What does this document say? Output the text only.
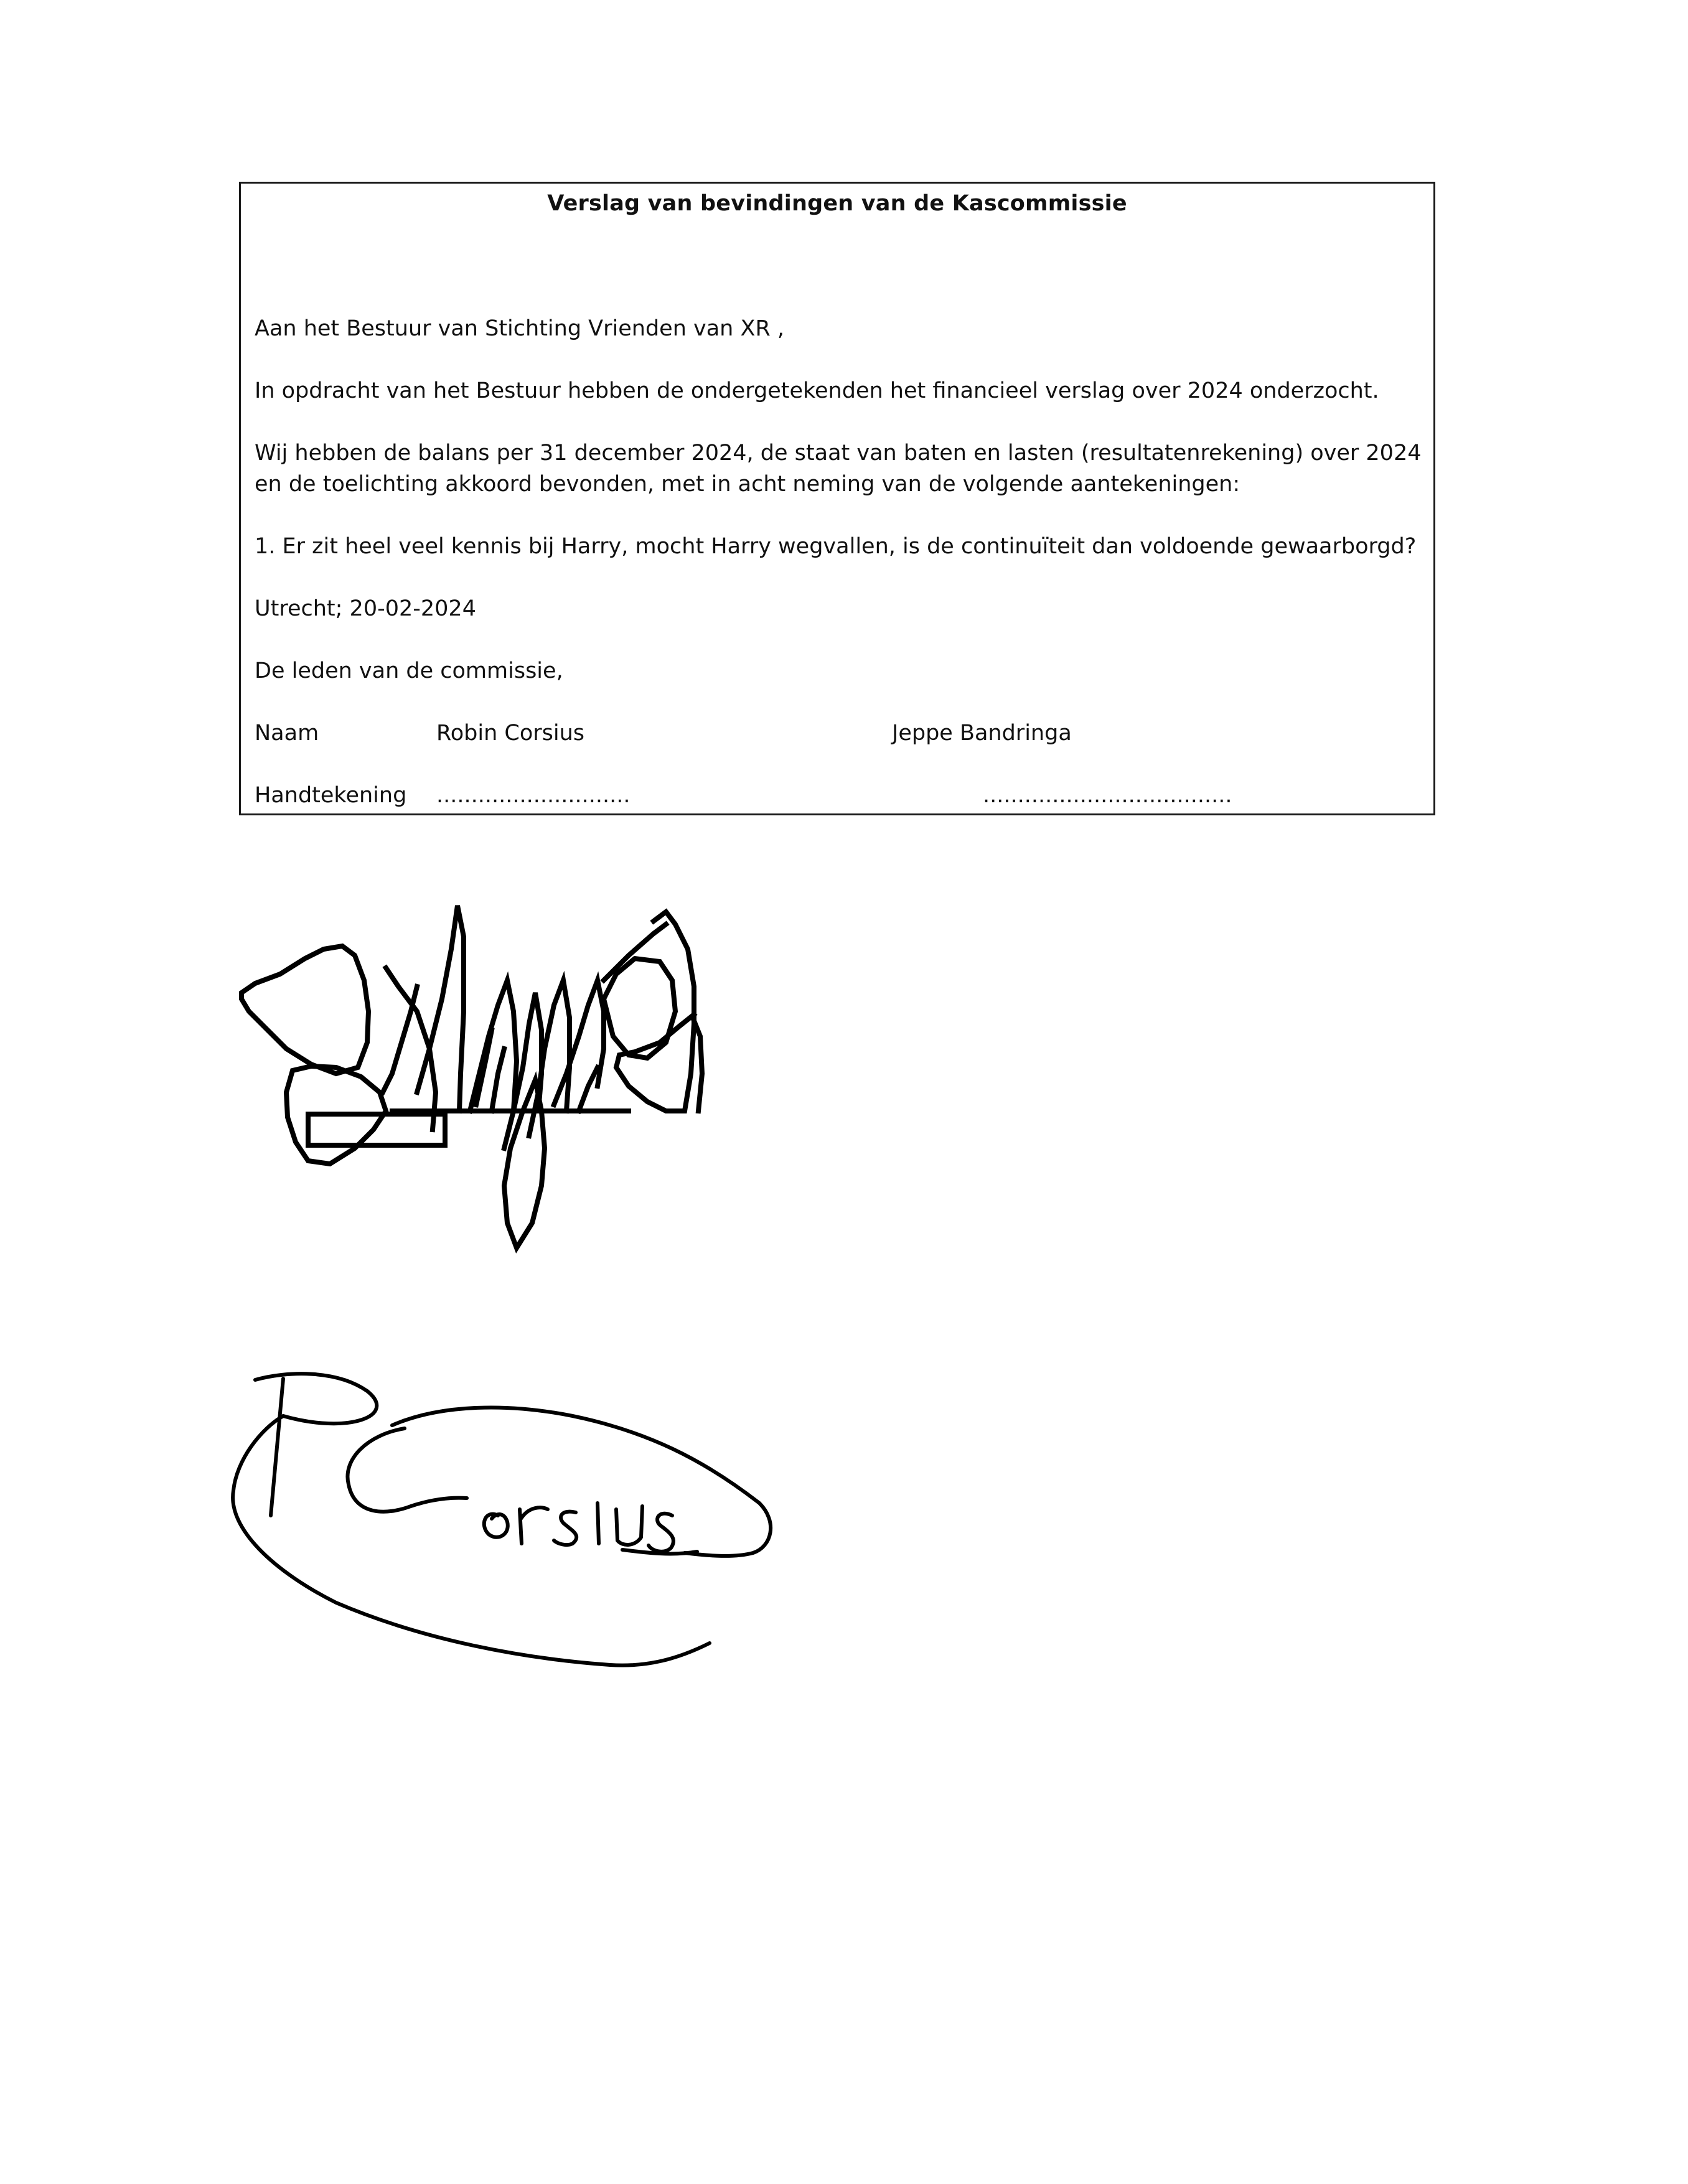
Verslag van bevindingen van de Kascommissie
Aan het Bestuur van Stichting Vrienden van XR ,
In opdracht van het Bestuur hebben de ondergetekenden het financieel verslag over 2024 onderzocht.
Wij hebben de balans per 31 december 2024, de staat van baten en lasten (resultatenrekening) over 2024
en de toelichting akkoord bevonden, met in acht neming van de volgende aantekeningen:
1. Er zit heel veel kennis bij Harry, mocht Harry wegvallen, is de continuïteit dan voldoende gewaarborgd?
Utrecht; 20-02-2024
De leden van de commissie,
Naam	Robin Corsius	Jeppe Bandringa
Handtekening ............................	....................................
